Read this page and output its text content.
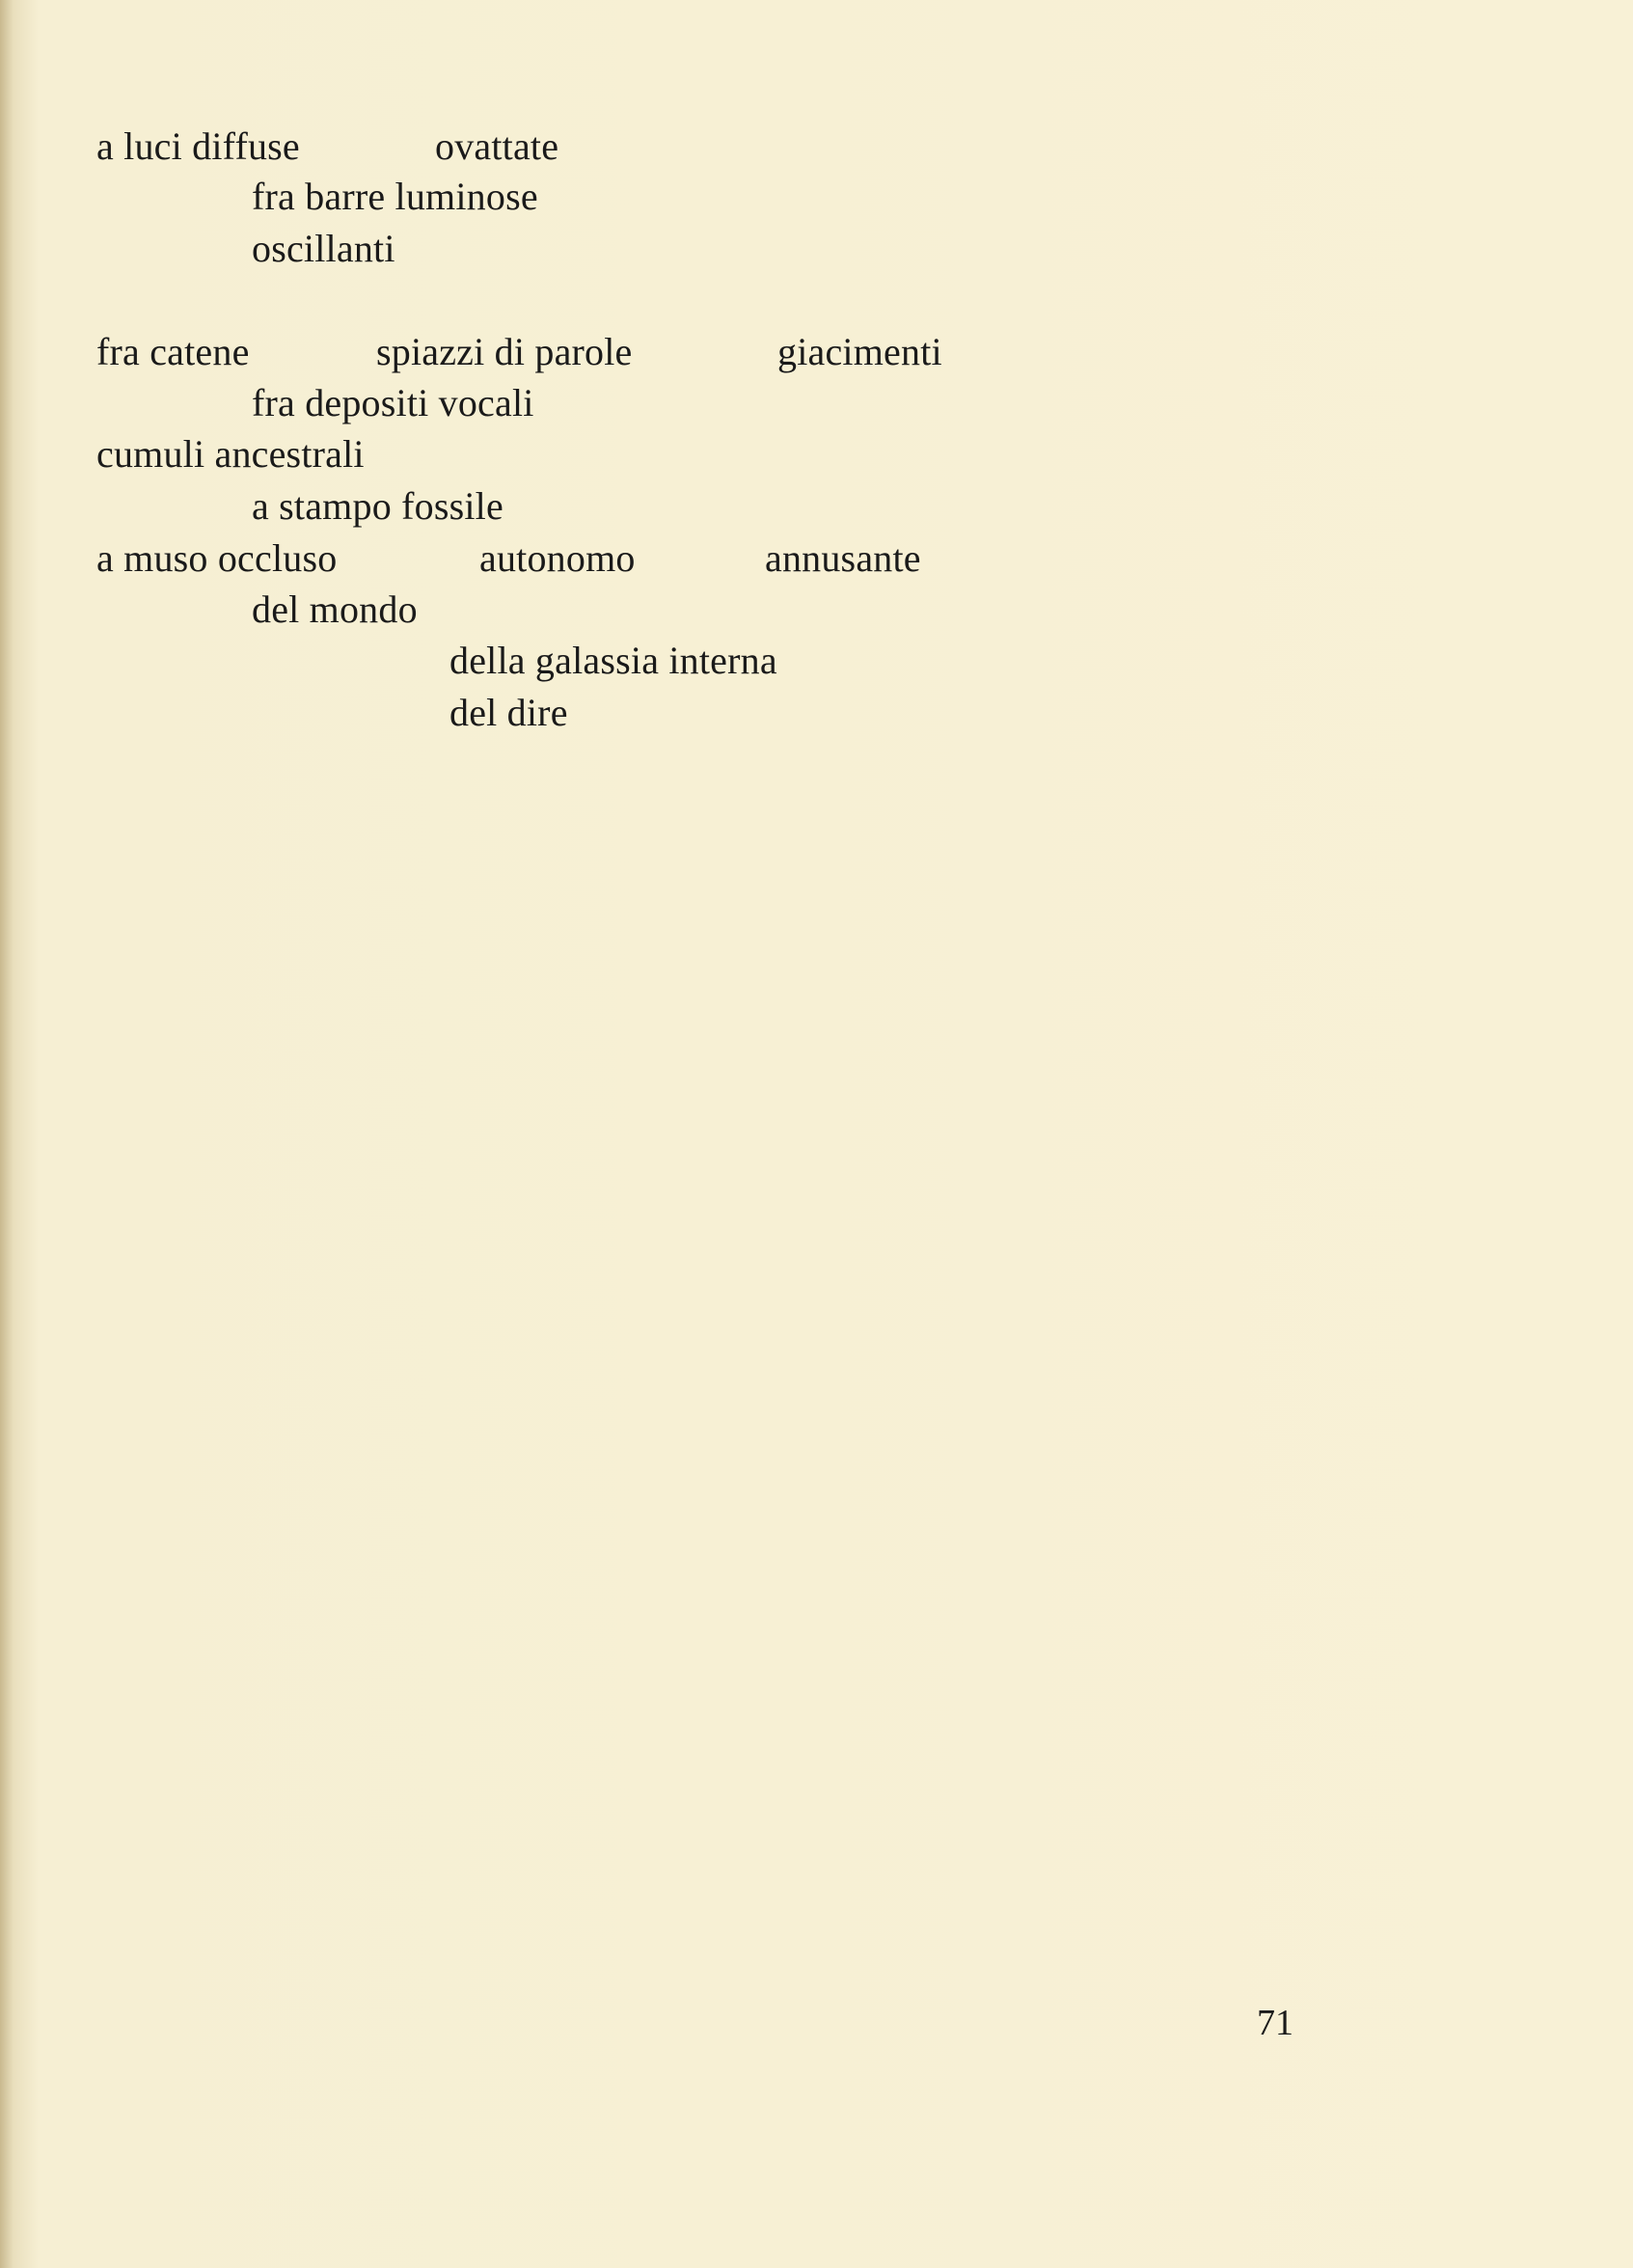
a luci diffuse	ovattate
fra barre luminose
oscillanti
fra catene	spiazzi di parole	giacimenti
fra depositi vocali
cumuli ancestrali
a stampo fossile
a muso occluso	autonomo	annusante
del mondo
della galassia interna
del dire
71
